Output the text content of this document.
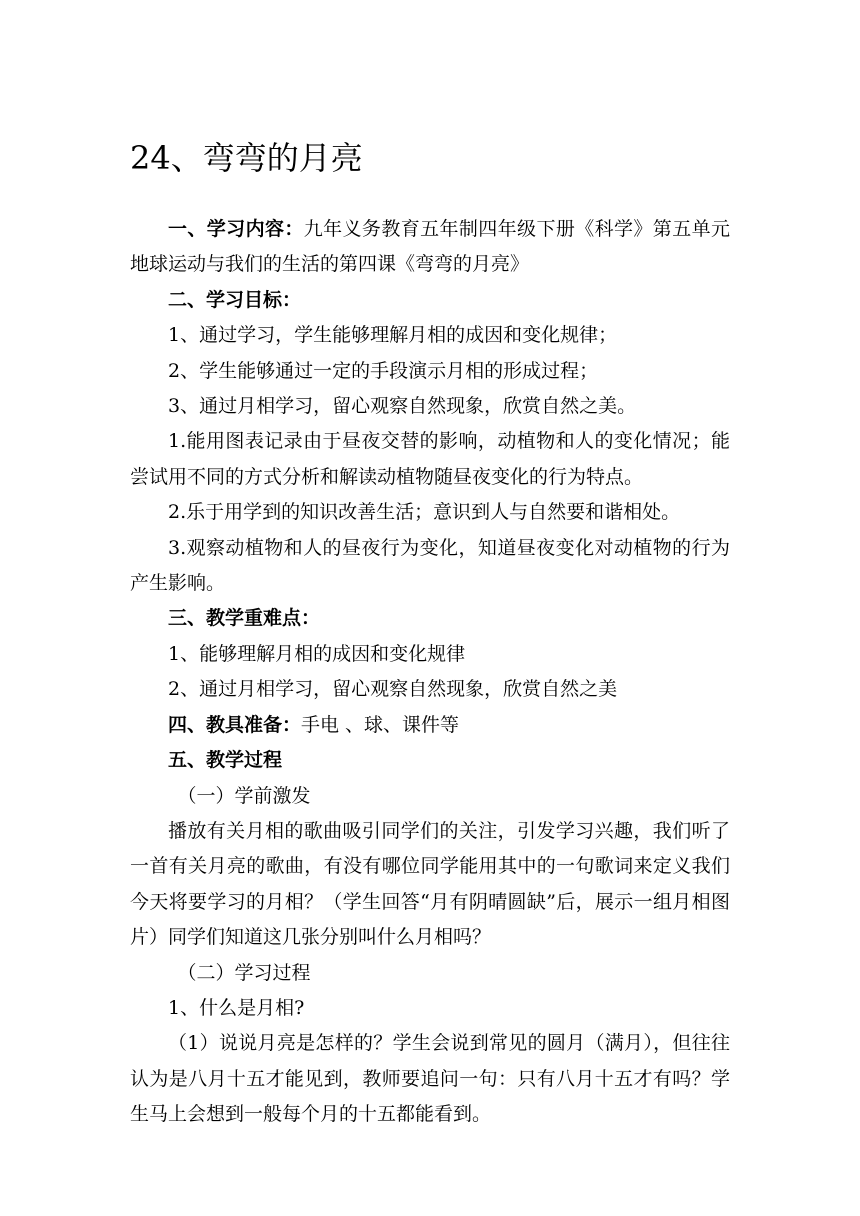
24、弯弯的月亮

一、学习内容：九年义务教育五年制四年级下册《科学》第五单元地球运动与我们的生活的第四课《弯弯的月亮》

二、学习目标：

1、通过学习，学生能够理解月相的成因和变化规律；

2、学生能够通过一定的手段演示月相的形成过程；

3、通过月相学习，留心观察自然现象，欣赏自然之美。

1.能用图表记录由于昼夜交替的影响，动植物和人的变化情况；能尝试用不同的方式分析和解读动植物随昼夜变化的行为特点。

2.乐于用学到的知识改善生活；意识到人与自然要和谐相处。

3.观察动植物和人的昼夜行为变化，知道昼夜变化对动植物的行为产生影响。

三、教学重难点：

1、能够理解月相的成因和变化规律

2、通过月相学习，留心观察自然现象，欣赏自然之美

四、教具准备：手电 、球、课件等

五、教学过程

（一）学前激发

播放有关月相的歌曲吸引同学们的关注，引发学习兴趣，我们听了一首有关月亮的歌曲，有没有哪位同学能用其中的一句歌词来定义我们今天将要学习的月相？（学生回答“月有阴晴圆缺”后，展示一组月相图片）同学们知道这几张分别叫什么月相吗？

（二）学习过程

1、什么是月相?

（1）说说月亮是怎样的？学生会说到常见的圆月（满月），但往往认为是八月十五才能见到，教师要追问一句：只有八月十五才有吗？学生马上会想到一般每个月的十五都能看到。
